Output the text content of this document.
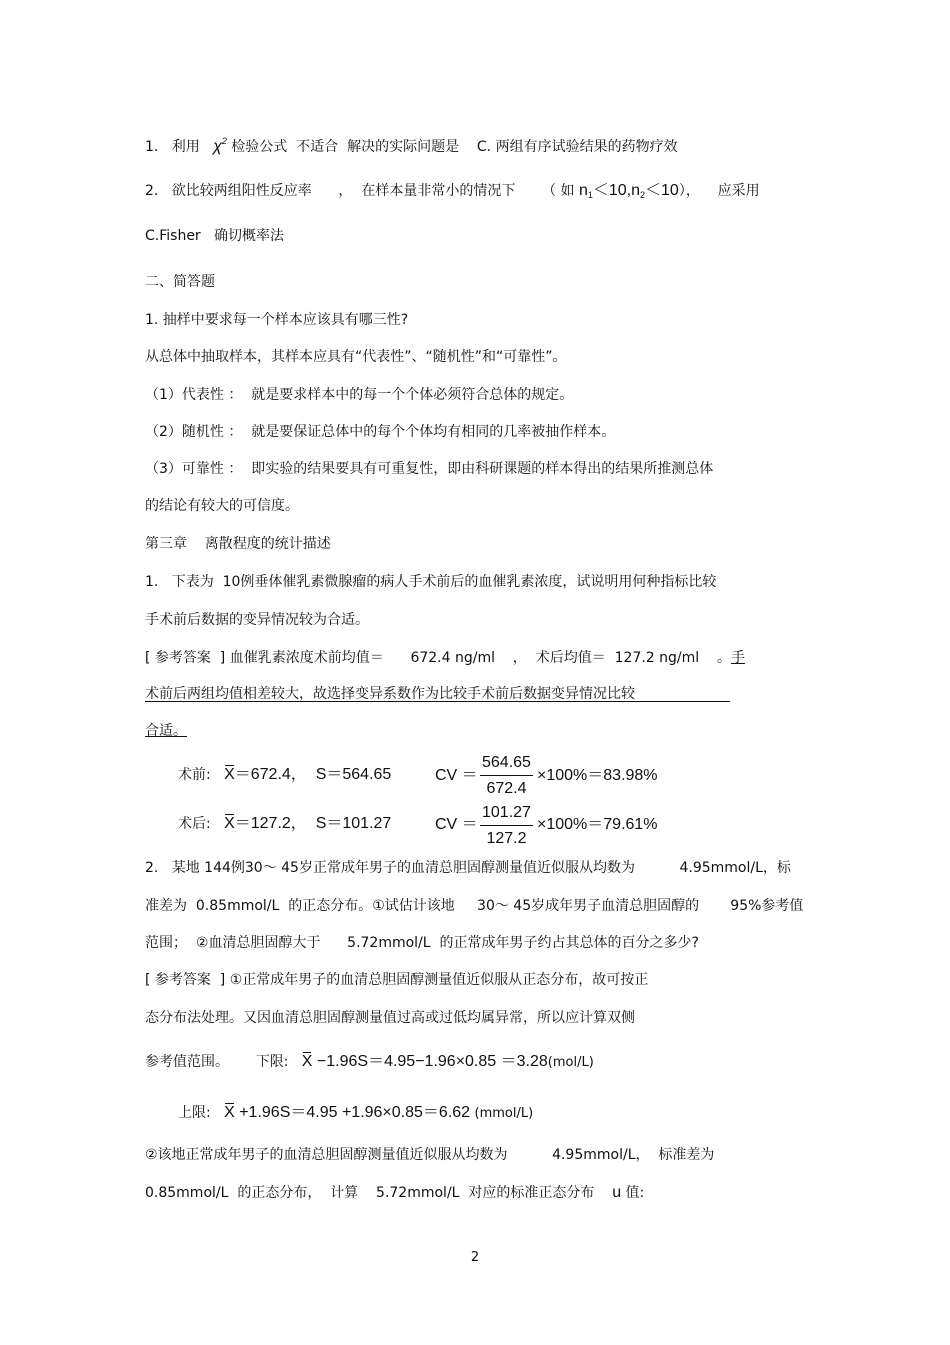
1. 利用 $\chi^2$ 检验公式  不适合  解决的实际问题是 C. 两组有序试验结果的药物疗效
2. 欲比较两组阳性反应率 ，  在样本量非常小的情况下 （ 如 $n_1<10,n_2<10$）， 应采用
C.Fisher   确切概率法
二、简答题
1. 抽样中要求每一个样本应该具有哪三性?
从总体中抽取样本，其样本应具有“代表性”、“随机性”和“可靠性”。
（1）代表性 ：  就是要求样本中的每一个个体必须符合总体的规定。
（2）随机性 ：  就是要保证总体中的每个个体均有相同的几率被抽作样本。
（3）可靠性 ：  即实验的结果要具有可重复性，即由科研课题的样本得出的结果所推测总体
的结论有较大的可信度。
第三章    离散程度的统计描述
1.   下表为  10例垂体催乳素微腺瘤的病人手术前后的血催乳素浓度，试说明用何种指标比较
手术前后数据的变异情况较为合适。
[ 参考答案  ] 血催乳素浓度术前均值＝ 672.4 ng/ml ，  术后均值＝ 127.2 ng/ml 。手
术前后两组均值相差较大，故选择变异系数作为比较手术前后数据变异情况比较
合适。
术前: X＝672.4， S＝564.65	CV ＝ $\frac{564.65}{672.4} \times 100\%=83.98\%$
术后: X＝127.2， S＝101.27	CV ＝ $\frac{101.27}{127.2} \times 100\%=79.61\%$
2.   某地 144例30～ 45岁正常成年男子的血清总胆固醇测量值近似服从均数为	4.95mmol/L，标
准差为  0.85mmol/L  的正态分布。①试估计该地 30～ 45岁成年男子血清总胆固醇的 95%参考值
范围；  ②血清总胆固醇大于 5.72mmol/L  的正常成年男子约占其总体的百分之多少?
[ 参考答案  ] ①正常成年男子的血清总胆固醇测量值近似服从正态分布，故可按正
态分布法处理。又因血清总胆固醇测量值过高或过低均属异常，所以应计算双侧
参考值范围。 下限: X −1.96S＝4.95−1.96×0.85 ＝3.28(mol/L)
上限: X +1.96S＝4.95 +1.96×0.85＝6.62 (mmol/L)
②该地正常成年男子的血清总胆固醇测量值近似服从均数为	4.95mmol/L，  标准差为
0.85mmol/L  的正态分布，  计算 5.72mmol/L  对应的标准正态分布 u 值:
2
